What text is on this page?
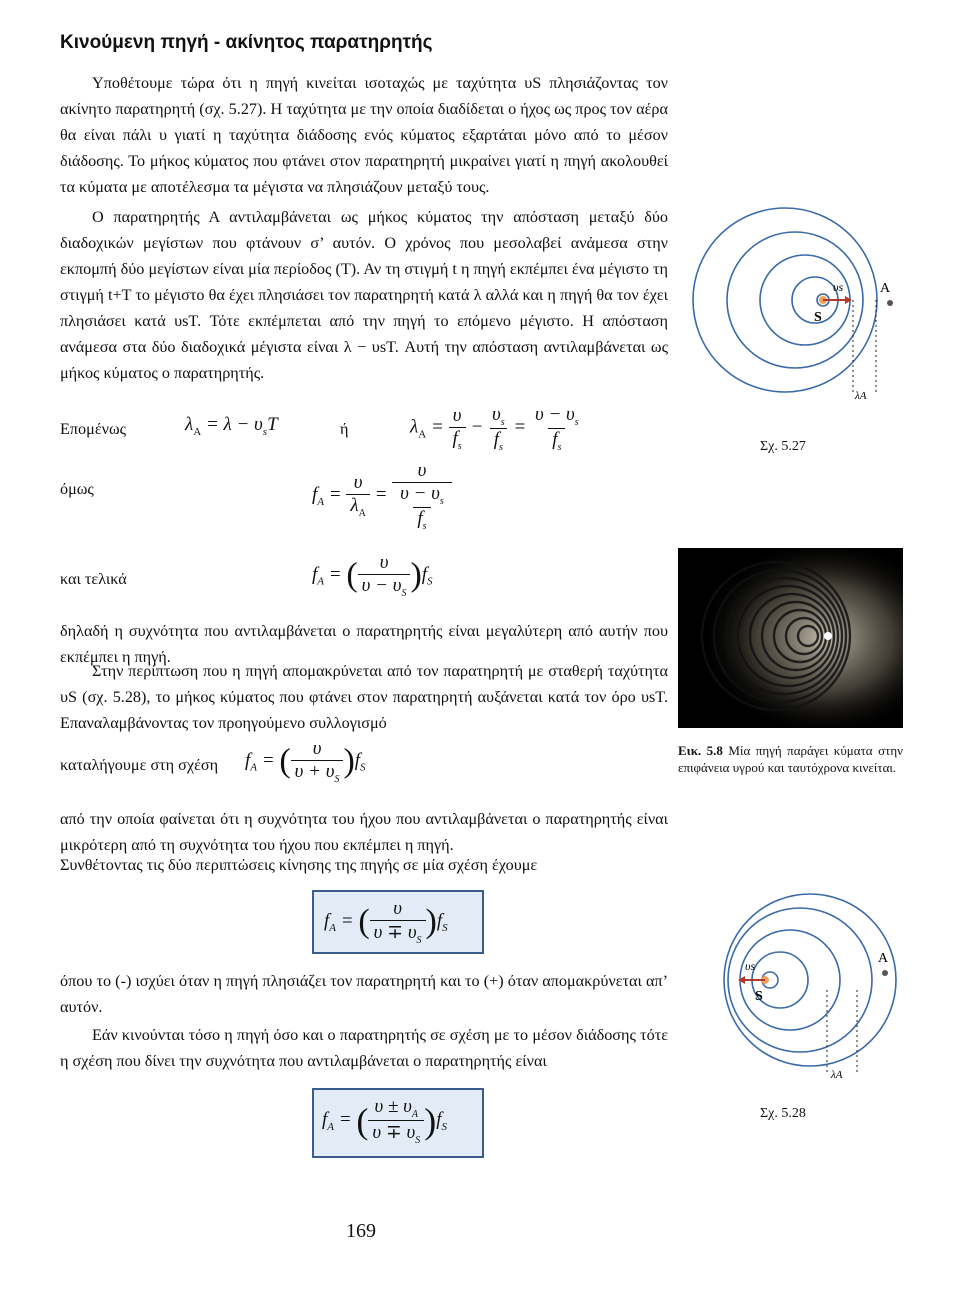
Κινούμενη πηγή - ακίνητος παρατηρητής
Υποθέτουμε τώρα ότι η πηγή κινείται ισοταχώς με ταχύτητα υS πλησιάζοντας τον ακίνητο παρατηρητή (σχ. 5.27). Η ταχύτητα με την οποία διαδίδεται ο ήχος ως προς τον αέρα θα είναι πάλι υ γιατί η ταχύτητα διάδοσης ενός κύματος εξαρτάται μόνο από το μέσον διάδοσης. Το μήκος κύματος που φτάνει στον παρατηρητή μικραίνει γιατί η πηγή ακολουθεί τα κύματα με αποτέλεσμα τα μέγιστα να πλησιάζουν μεταξύ τους.
Ο παρατηρητής Α αντιλαμβάνεται ως μήκος κύματος την απόσταση μεταξύ δύο διαδοχικών μεγίστων που φτάνουν σ’ αυτόν. Ο χρόνος που μεσολαβεί ανάμεσα στην εκπομπή δύο μεγίστων είναι μία περίοδος (T). Αν τη στιγμή t η πηγή εκπέμπει ένα μέγιστο τη στιγμή t+T το μέγιστο θα έχει πλησιάσει τον παρατηρητή κατά λ αλλά και η πηγή θα τον έχει πλησιάσει κατά υsT. Τότε εκπέμπεται από την πηγή το επόμενο μέγιστο. Η απόσταση ανάμεσα στα δύο διαδοχικά μέγιστα είναι λ − υsT. Αυτή την απόσταση αντιλαμβάνεται ως μήκος κύματος ο παρατηρητής.
Επομένως	$\lambda_A = \lambda - \upsilon_sT$	ή	$\lambda_A = \frac{\upsilon}{f_s} - \frac{\upsilon_s}{f_s} = \frac{\upsilon - \upsilon_s}{f_s}$
όμως	$f_A = \frac{\upsilon}{\lambda_A} = \frac{\upsilon}{\frac{\upsilon - \upsilon_s}{f_s}}$
και τελικά	$f_A$ = ( $\frac{\upsilon}{\upsilon - \upsilon_S} )f_S$
δηλαδή η συχνότητα που αντιλαμβάνεται ο παρατηρητής είναι μεγαλύτερη από αυτήν που εκπέμπει η πηγή.
Στην περίπτωση που η πηγή απομακρύνεται από τον παρατηρητή με σταθερή ταχύτητα υS (σχ. 5.28), το μήκος κύματος που φτάνει στον παρατηρητή αυξάνεται κατά τον όρο υsT. Επαναλαμβάνοντας τον προηγούμενο συλλογισμό
καταλήγουμε στη σχέση $f_A$ = ( $\frac{\upsilon}{\upsilon + \upsilon_S} )f_S$
από την οποία φαίνεται ότι η συχνότητα του ήχου που αντιλαμβάνεται ο παρατηρητής είναι μικρότερη από τη συχνότητα του ήχου που εκπέμπει η πηγή.
Συνθέτοντας τις δύο περιπτώσεις κίνησης της πηγής σε μία σχέση έχουμε
$f_A$ = ( $\frac{\upsilon}{\upsilon \mp \upsilon_S} )f_S$
όπου το (-) ισχύει όταν η πηγή πλησιάζει τον παρατηρητή και το (+) όταν απομακρύνεται απ’ αυτόν.
Εάν κινούνται τόσο η πηγή όσο και ο παρατηρητής σε σχέση με το μέσον διάδοσης τότε η σχέση που δίνει την συχνότητα που αντιλαμβάνεται ο παρατηρητής είναι
$f_A$ = ( $\frac{\upsilon \pm \upsilon_A}{\upsilon \mp \upsilon_S} )f_S$
S
υs	A
λA
Σχ. 5.27
Εικ. 5.8 Μία πηγή παράγει κύματα στην επιφάνεια υγρού και ταυτόχρονα κινείται.
S
υs	A
λA
Σχ. 5.28
169
